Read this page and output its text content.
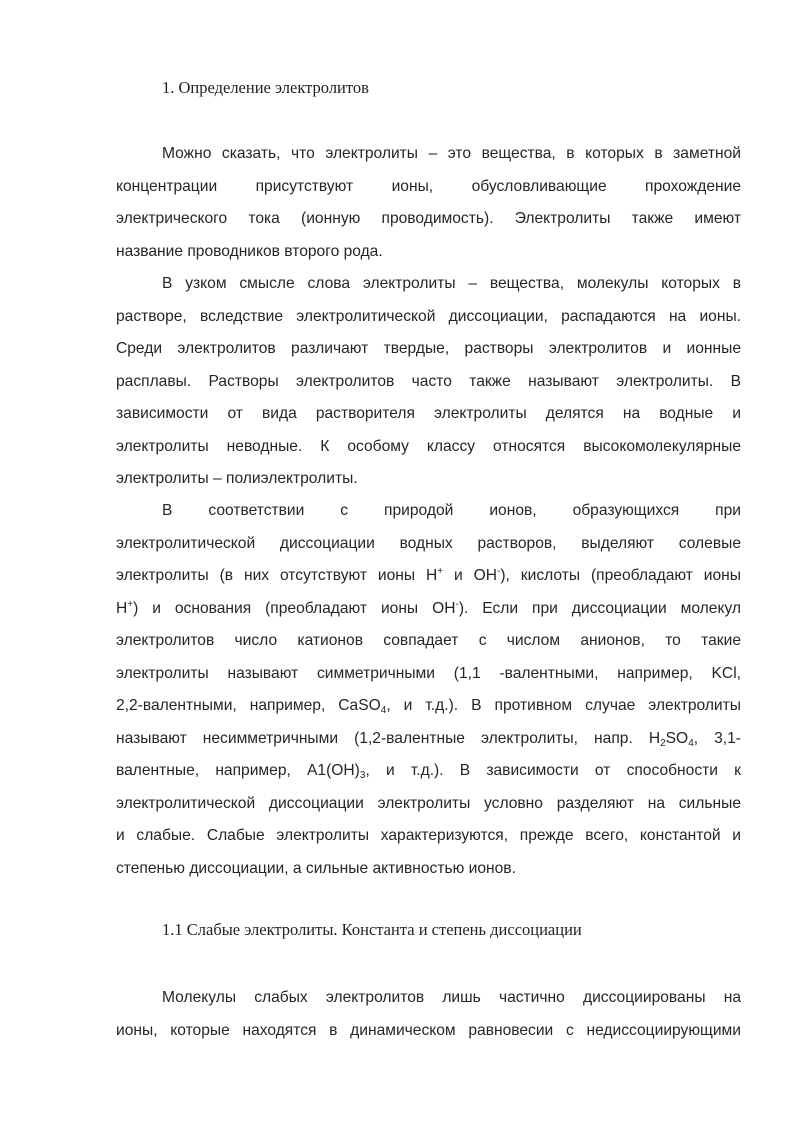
1. Определение электролитов
Можно сказать, что электролиты – это вещества, в которых в заметной
концентрации присутствуют ионы, обусловливающие прохождение
электрического тока (ионную проводимость). Электролиты также имеют
название проводников второго рода.
В узком смысле слова электролиты – вещества, молекулы которых в
растворе, вследствие электролитической диссоциации, распадаются на ионы.
Среди электролитов различают твердые, растворы электролитов и ионные
расплавы. Растворы электролитов часто также называют электролиты. В
зависимости от вида растворителя электролиты делятся на водные и
электролиты неводные. К особому классу относятся высокомолекулярные
электролиты – полиэлектролиты.
В соответствии с природой ионов, образующихся при
электролитической диссоциации водных растворов, выделяют солевые
электролиты (в них отсутствуют ионы H+ и OH-), кислоты (преобладают ионы
H+) и основания (преобладают ионы OH-). Если при диссоциации молекул
электролитов число катионов совпадает с числом анионов, то такие
электролиты называют симметричными (1,1 -валентными, например, KCl,
2,2-валентными, например, CaSO$_4$, и т.д.). В противном случае электролиты
называют несимметричными (1,2-валентные электролиты, напр. $H_2SO_4$, 3,1-
валентные, например, $A1(OH)_3$, и т.д.). В зависимости от способности к
электролитической диссоциации электролиты условно разделяют на сильные
и слабые. Слабые электролиты характеризуются, прежде всего, константой и
степенью диссоциации, а сильные активностью ионов.
1.1 Слабые электролиты. Константа и степень диссоциации
Молекулы слабых электролитов лишь частично диссоциированы на
ионы, которые находятся в динамическом равновесии с недиссоциирующими
